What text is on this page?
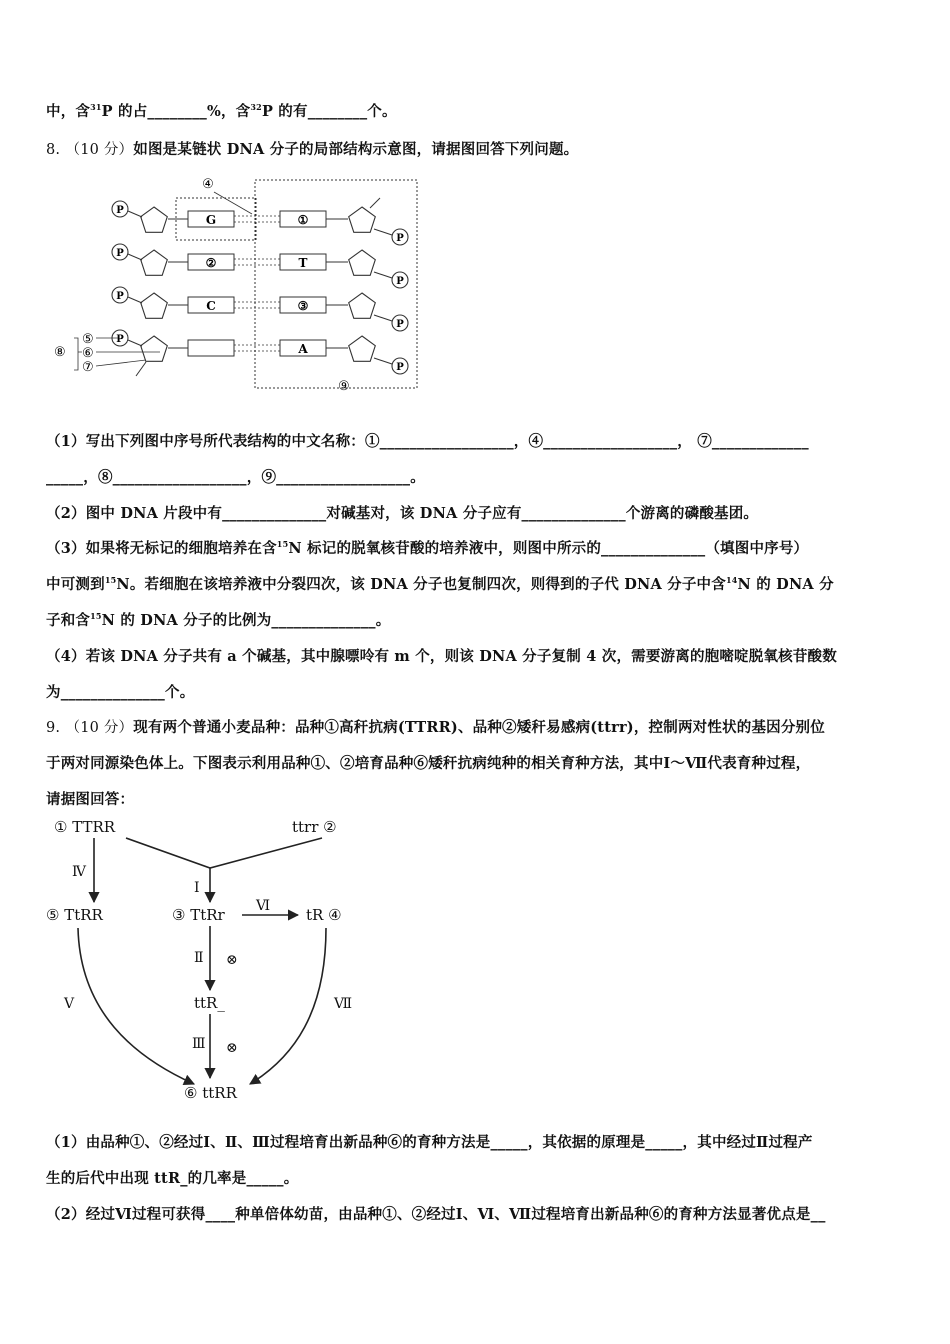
中，含$^{31}$P 的占________%，含$^{32}$P 的有________个。
8. （10 分）如图是某链状 DNA 分子的局部结构示意图，请据图回答下列问题。
P
G	①
P
P
②	T
P
P
C	③
P
P
A
P
④
⑤
⑥
⑦
⑧
⑨
（1）写出下列图中序号所代表结构的中文名称：①__________________，④__________________， ⑦_____________
_____，⑧__________________，⑨__________________。
（2）图中 DNA 片段中有______________对碱基对，该 DNA 分子应有______________个游离的磷酸基团。
（3）如果将无标记的细胞培养在含$^{15}$N 标记的脱氧核苷酸的培养液中，则图中所示的______________（填图中序号）
中可测到$^{15}$N。若细胞在该培养液中分裂四次，该 DNA 分子也复制四次，则得到的子代 DNA 分子中含$^{14}$N 的 DNA 分
子和含$^{15}$N 的 DNA 分子的比例为______________。
（4）若该 DNA 分子共有 a 个碱基，其中腺嘌呤有 m 个，则该 DNA 分子复制 4 次，需要游离的胞嘧啶脱氧核苷酸数
为______________个。
9. （10 分）现有两个普通小麦品种：品种①高秆抗病(TTRR)、品种②矮秆易感病(ttrr)，控制两对性状的基因分别位
于两对同源染色体上。下图表示利用品种①、②培育品种⑥矮秆抗病纯种的相关育种方法，其中Ⅰ～Ⅶ代表育种过程，
请据图回答：
① TTRR	ttrr ②
⑤ TtRR	③ TtRr	tR ④
ttR_
⑥ ttRR
Ⅰ
Ⅱ
Ⅲ
Ⅳ
Ⅴ
Ⅵ
Ⅶ
⊗
⊗
（1）由品种①、②经过Ⅰ、Ⅱ、Ⅲ过程培育出新品种⑥的育种方法是_____，其依据的原理是_____，其中经过Ⅱ过程产
生的后代中出现 ttR_的几率是_____。
（2）经过Ⅵ过程可获得____种单倍体幼苗，由品种①、②经过Ⅰ、Ⅵ、Ⅶ过程培育出新品种⑥的育种方法显著优点是__
